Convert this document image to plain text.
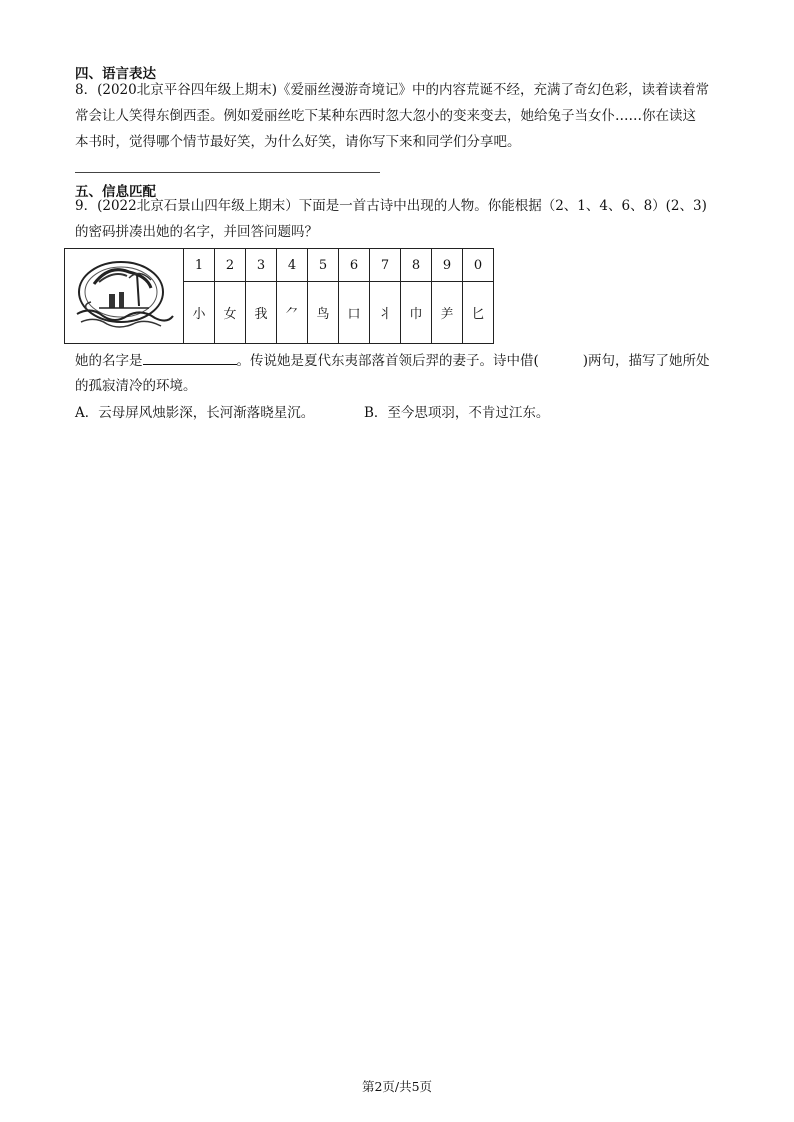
四、语言表达
8．(2020北京平谷四年级上期末)《爱丽丝漫游奇境记》中的内容荒诞不经，充满了奇幻色彩，读着读着常
常会让人笑得东倒西歪。例如爱丽丝吃下某种东西时忽大忽小的变来变去，她给兔子当女仆……你在读这
本书时，觉得哪个情节最好笑，为什么好笑，请你写下来和同学们分享吧。
五、信息匹配
9．(2022北京石景山四年级上期末）下面是一首古诗中出现的人物。你能根据（2、1、4、6、8）(2、3)
的密码拼凑出她的名字，并回答问题吗？
	1	2	3	4	5	6	7	8	9	0
	小	女	我	⺈	鸟	口	⺦	巾	⺶	匕
她的名字是	。传说她是夏代东夷部落首领后羿的妻子。诗中借(	)两句，描写了她所处
的孤寂清冷的环境。
A．云母屏风烛影深，长河渐落晓星沉。	B．至今思项羽，不肯过江东。
第2页/共5页
